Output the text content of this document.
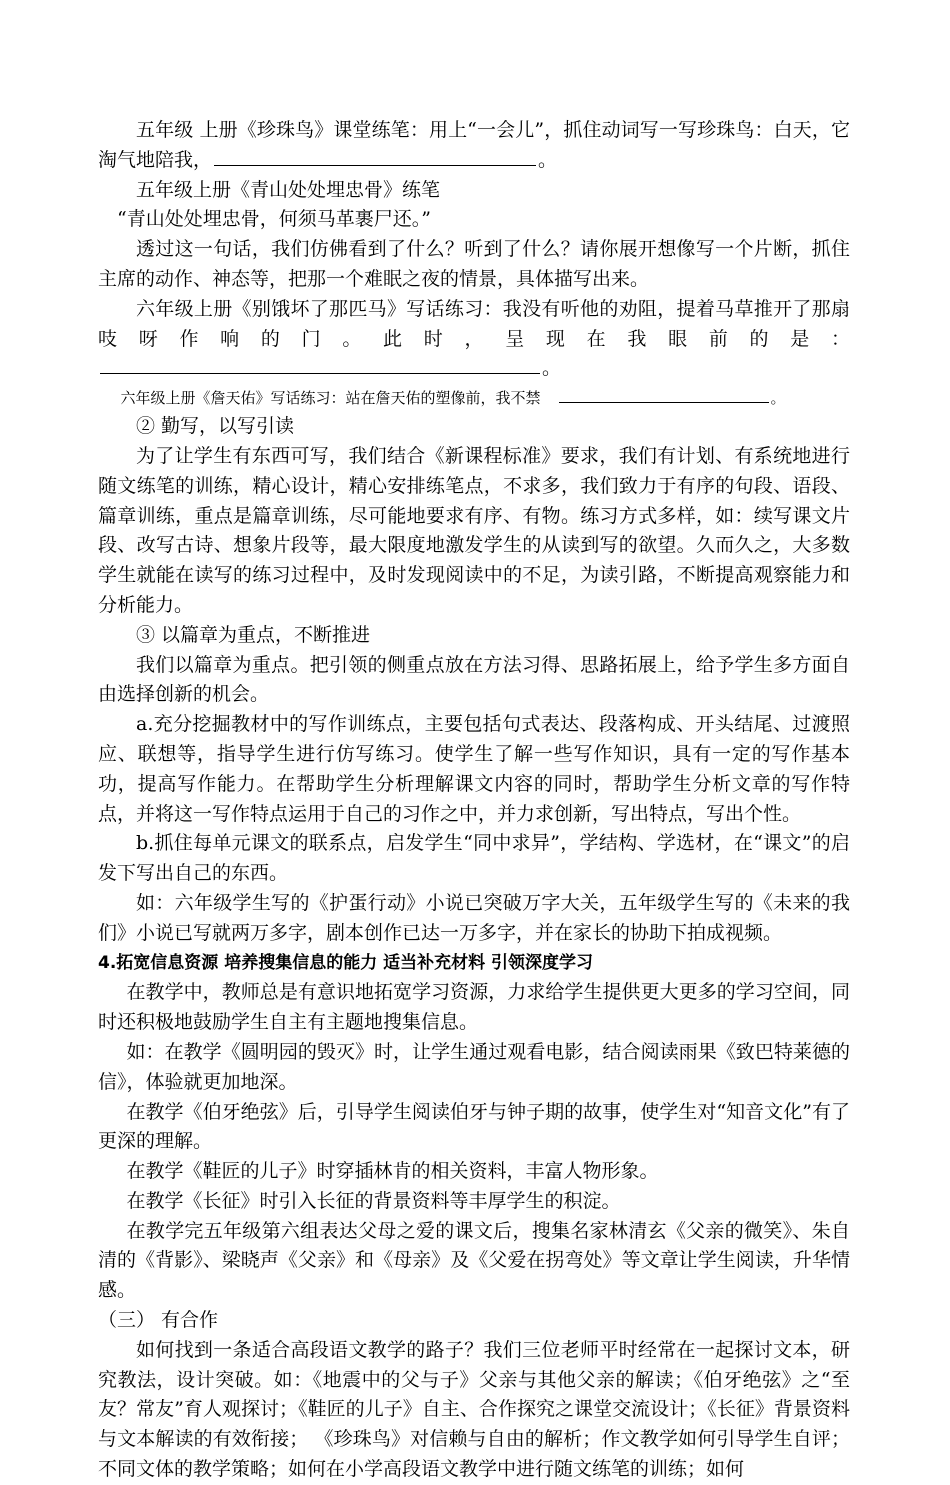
五年级 上册《珍珠鸟》课堂练笔：用上“一会儿”，抓住动词写一写珍珠鸟：白天，它淘气地陪我，	。

五年级上册《青山处处埋忠骨》练笔

“青山处处埋忠骨，何须马革裹尸还。”

透过这一句话，我们仿佛看到了什么？听到了什么？请你展开想像写一个片断，抓住主席的动作、神态等，把那一个难眠之夜的情景，具体描写出来。

六年级上册《别饿坏了那匹马》写话练习：我没有听他的劝阻，提着马草推开了那扇吱呀作响的门。此时，呈现在我眼前的是：。

六年级上册《詹天佑》写话练习：站在詹天佑的塑像前，我不禁	。

② 勤写，以写引读

为了让学生有东西可写，我们结合《新课程标准》要求，我们有计划、有系统地进行随文练笔的训练，精心设计，精心安排练笔点，不求多，我们致力于有序的句段、语段、篇章训练，重点是篇章训练，尽可能地要求有序、有物。练习方式多样，如：续写课文片段、改写古诗、想象片段等，最大限度地激发学生的从读到写的欲望。久而久之，大多数学生就能在读写的练习过程中，及时发现阅读中的不足，为读引路，不断提高观察能力和分析能力。

③ 以篇章为重点，不断推进

我们以篇章为重点。把引领的侧重点放在方法习得、思路拓展上，给予学生多方面自由选择创新的机会。

a.充分挖掘教材中的写作训练点，主要包括句式表达、段落构成、开头结尾、过渡照应、联想等，指导学生进行仿写练习。使学生了解一些写作知识，具有一定的写作基本功，提高写作能力。在帮助学生分析理解课文内容的同时，帮助学生分析文章的写作特点，并将这一写作特点运用于自己的习作之中，并力求创新，写出特点，写出个性。

b.抓住每单元课文的联系点，启发学生“同中求异”，学结构、学选材，在“课文”的启发下写出自己的东西。

如：六年级学生写的《护蛋行动》小说已突破万字大关，五年级学生写的《未来的我们》小说已写就两万多字，剧本创作已达一万多字，并在家长的协助下拍成视频。

4.拓宽信息资源 培养搜集信息的能力 适当补充材料 引领深度学习

在教学中，教师总是有意识地拓宽学习资源，力求给学生提供更大更多的学习空间，同时还积极地鼓励学生自主有主题地搜集信息。

如：在教学《圆明园的毁灭》时，让学生通过观看电影，结合阅读雨果《致巴特莱德的信》，体验就更加地深。

在教学《伯牙绝弦》后，引导学生阅读伯牙与钟子期的故事，使学生对“知音文化”有了更深的理解。

在教学《鞋匠的儿子》时穿插林肯的相关资料，丰富人物形象。

在教学《长征》时引入长征的背景资料等丰厚学生的积淀。

在教学完五年级第六组表达父母之爱的课文后，搜集名家林清玄《父亲的微笑》、朱自清的《背影》、梁晓声《父亲》和《母亲》及《父爱在拐弯处》等文章让学生阅读，升华情感。

（三） 有合作

如何找到一条适合高段语文教学的路子？我们三位老师平时经常在一起探讨文本，研究教法，设计突破。如：《地震中的父与子》父亲与其他父亲的解读；《伯牙绝弦》之“至友？常友”育人观探讨；《鞋匠的儿子》自主、合作探究之课堂交流设计；《长征》背景资料与文本解读的有效衔接； 《珍珠鸟》对信赖与自由的解析；作文教学如何引导学生自评；不同文体的教学策略；如何在小学高段语文教学中进行随文练笔的训练；如何
